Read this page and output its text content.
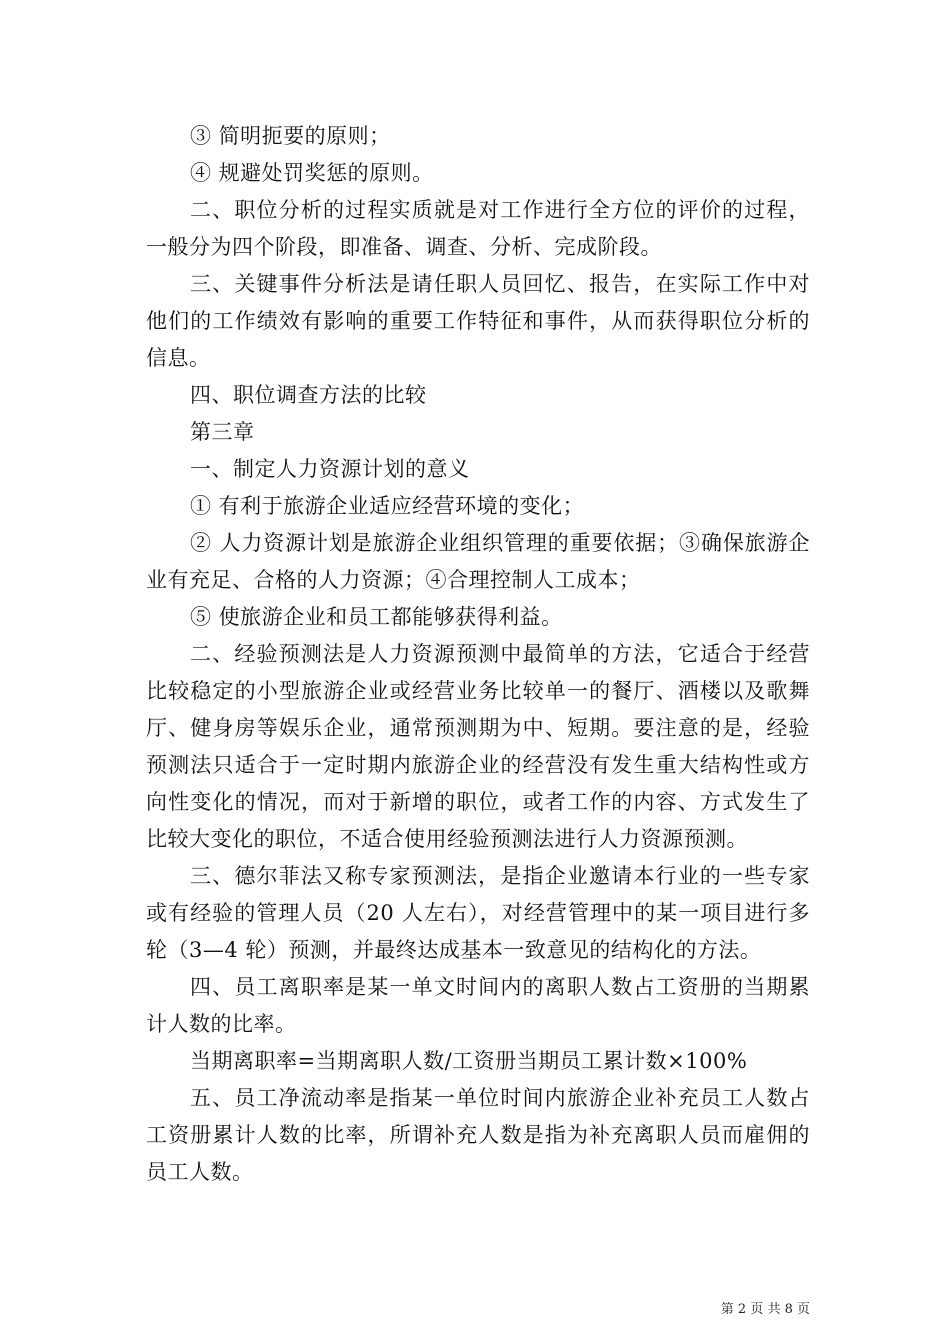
③ 简明扼要的原则；

④ 规避处罚奖惩的原则。

二、职位分析的过程实质就是对工作进行全方位的评价的过程，一般分为四个阶段，即准备、调查、分析、完成阶段。

三、关键事件分析法是请任职人员回忆、报告，在实际工作中对他们的工作绩效有影响的重要工作特征和事件，从而获得职位分析的信息。

四、职位调查方法的比较

第三章

一、制定人力资源计划的意义

① 有利于旅游企业适应经营环境的变化；

② 人力资源计划是旅游企业组织管理的重要依据；③确保旅游企业有充足、合格的人力资源；④合理控制人工成本；

⑤ 使旅游企业和员工都能够获得利益。

二、经验预测法是人力资源预测中最简单的方法，它适合于经营比较稳定的小型旅游企业或经营业务比较单一的餐厅、酒楼以及歌舞厅、健身房等娱乐企业，通常预测期为中、短期。要注意的是，经验预测法只适合于一定时期内旅游企业的经营没有发生重大结构性或方向性变化的情况，而对于新增的职位，或者工作的内容、方式发生了比较大变化的职位，不适合使用经验预测法进行人力资源预测。

三、德尔菲法又称专家预测法，是指企业邀请本行业的一些专家或有经验的管理人员（20 人左右），对经营管理中的某一项目进行多轮（3—4 轮）预测，并最终达成基本一致意见的结构化的方法。

四、员工离职率是某一单文时间内的离职人数占工资册的当期累计人数的比率。

当期离职率=当期离职人数/工资册当期员工累计数×100%

五、员工净流动率是指某一单位时间内旅游企业补充员工人数占工资册累计人数的比率，所谓补充人数是指为补充离职人员而雇佣的员工人数。

第 2 页 共 8 页
